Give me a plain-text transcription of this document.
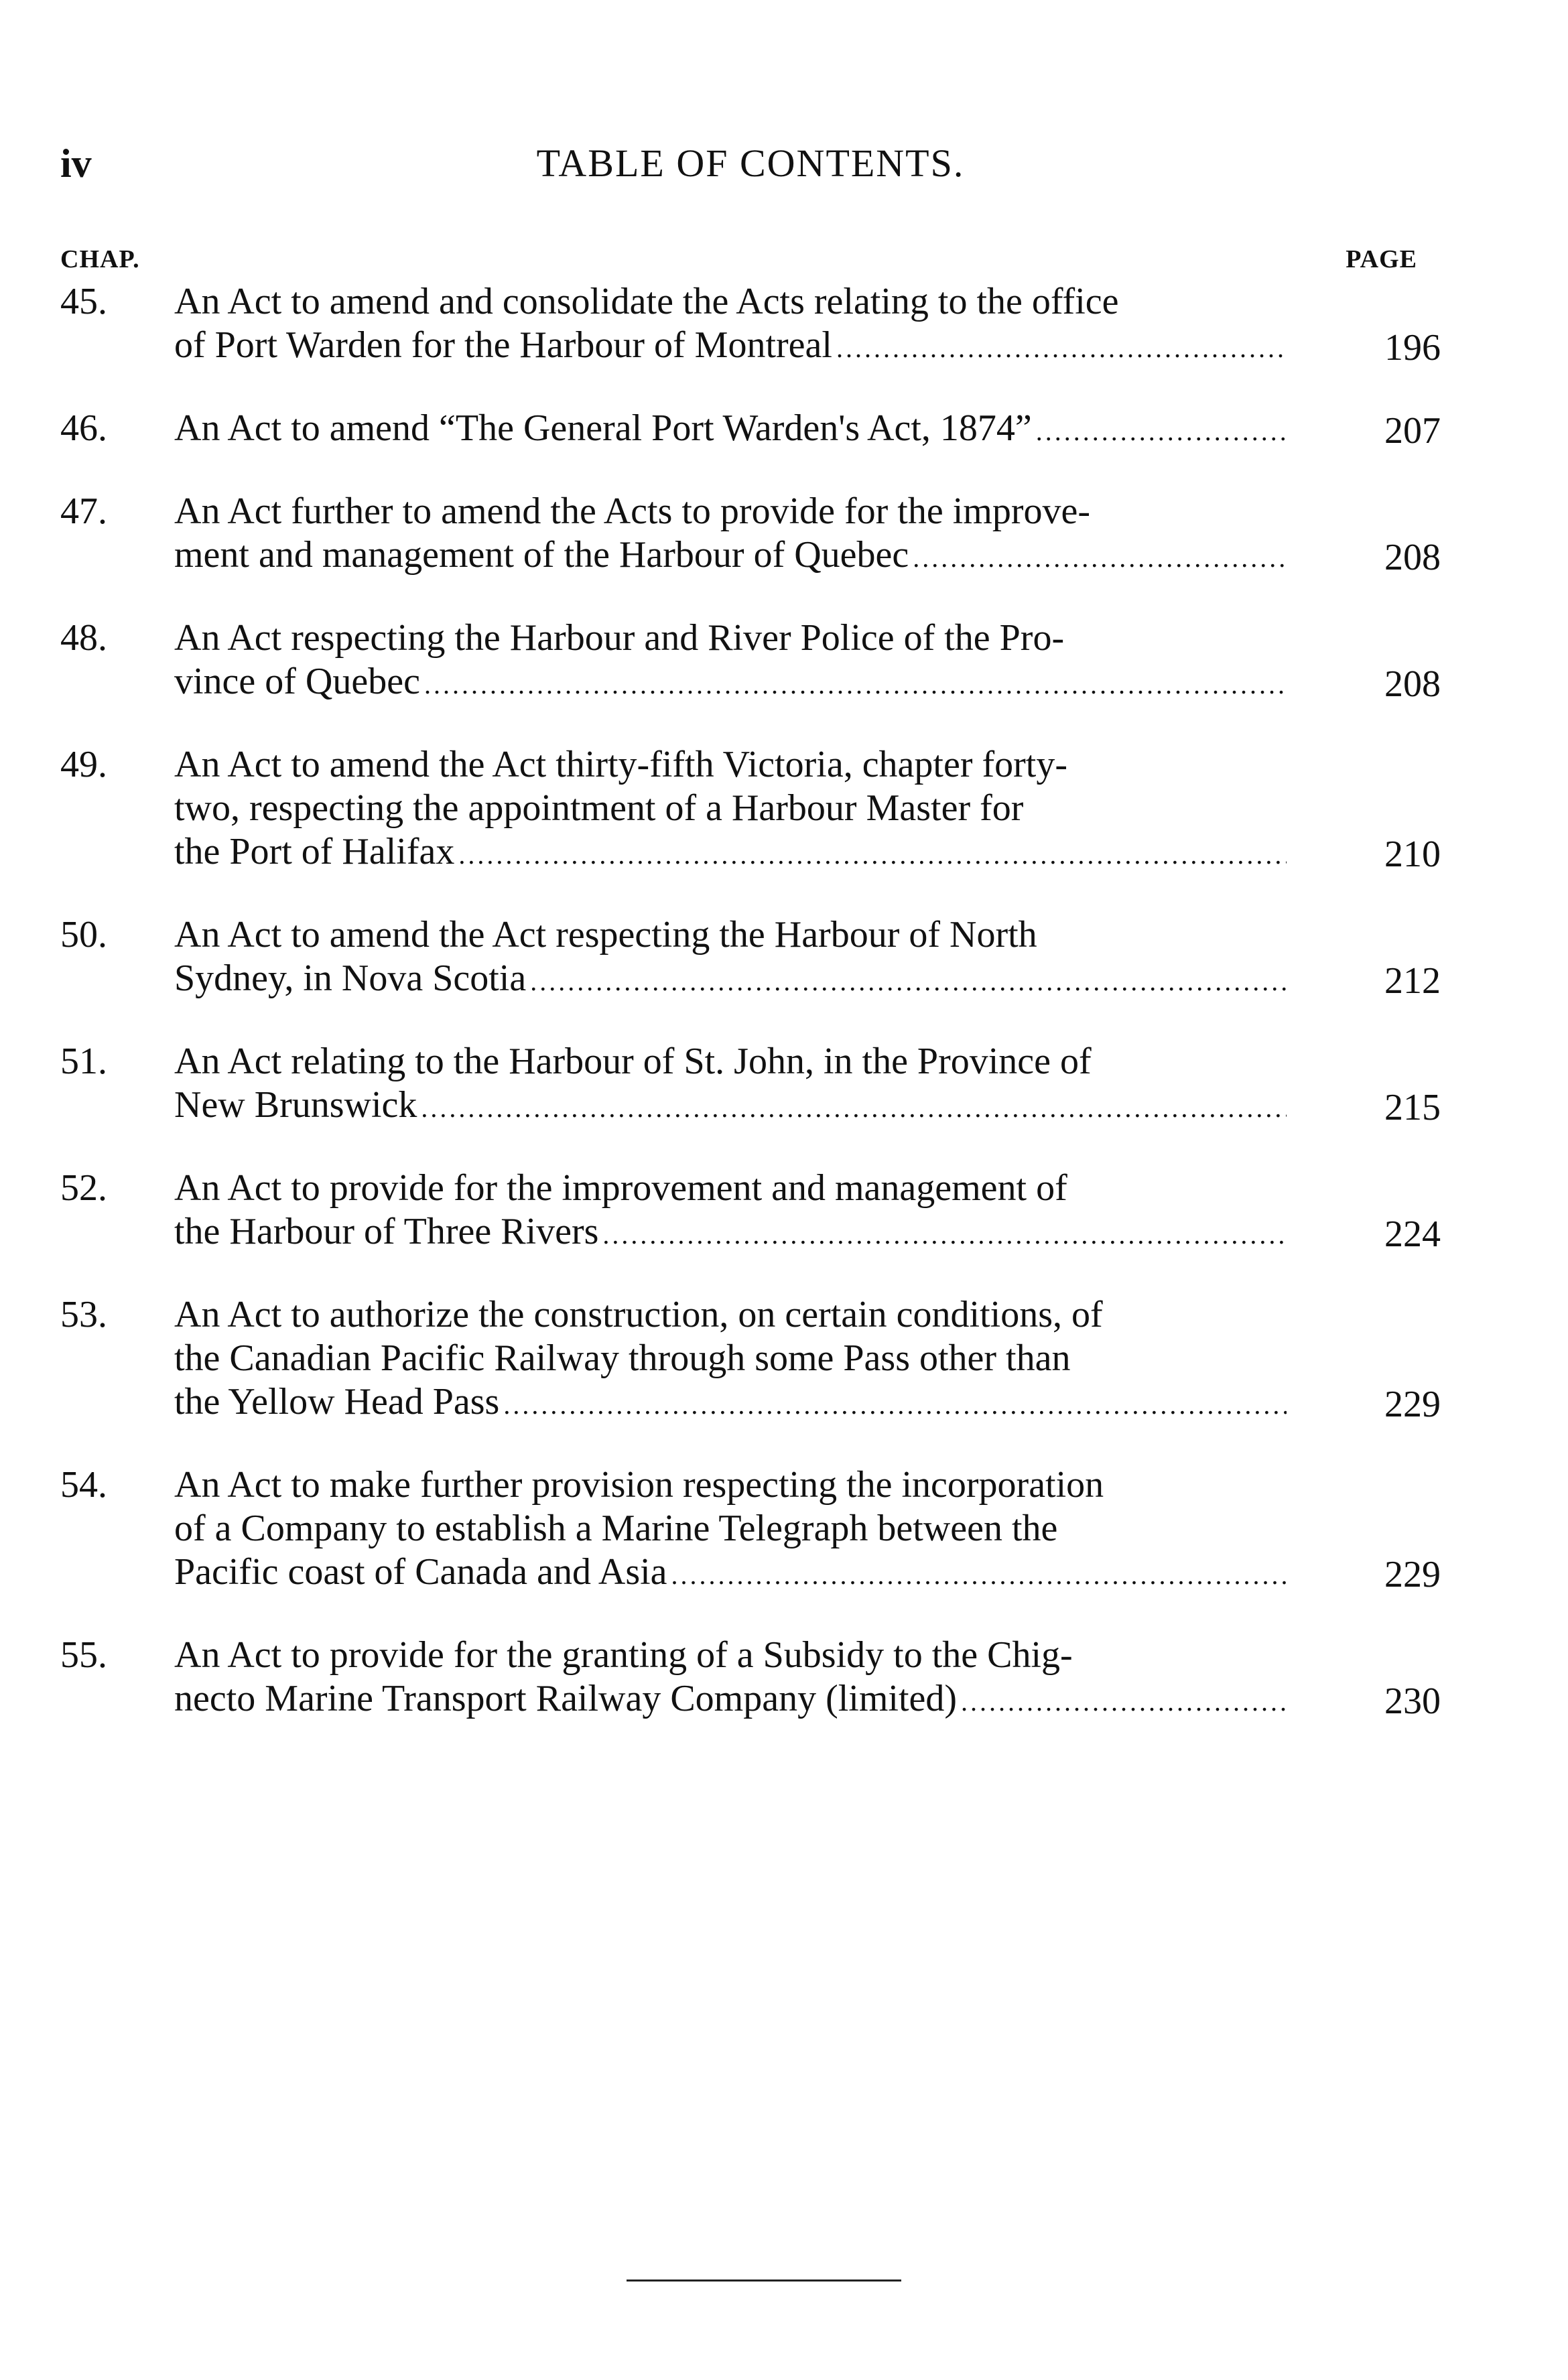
iv	TABLE OF CONTENTS.
CHAP.	PAGE
45.	An Act to amend and consolidate the Acts relating to the office
of Port Warden for the Harbour of Montreal .....	196
46.	An Act to amend “The General Port Warden's Act, 1874” .....	207
47.	An Act further to amend the Acts to provide for the improve-
ment and management of the Harbour of Quebec .....	208
48.	An Act respecting the Harbour and River Police of the Pro-
vince of Quebec .....	208
49.	An Act to amend the Act thirty-fifth Victoria, chapter forty-
two, respecting the appointment of a Harbour Master for
the Port of Halifax .....	210
50.	An Act to amend the Act respecting the Harbour of North
Sydney, in Nova Scotia .....	212
51.	An Act relating to the Harbour of St. John, in the Province of
New Brunswick .....	215
52.	An Act to provide for the improvement and management of
the Harbour of Three Rivers .....	224
53.	An Act to authorize the construction, on certain conditions, of
the Canadian Pacific Railway through some Pass other than
the Yellow Head Pass .....	229
54.	An Act to make further provision respecting the incorporation
of a Company to establish a Marine Telegraph between the
Pacific coast of Canada and Asia .....	229
55.	An Act to provide for the granting of a Subsidy to the Chig-
necto Marine Transport Railway Company (limited) .....	230
